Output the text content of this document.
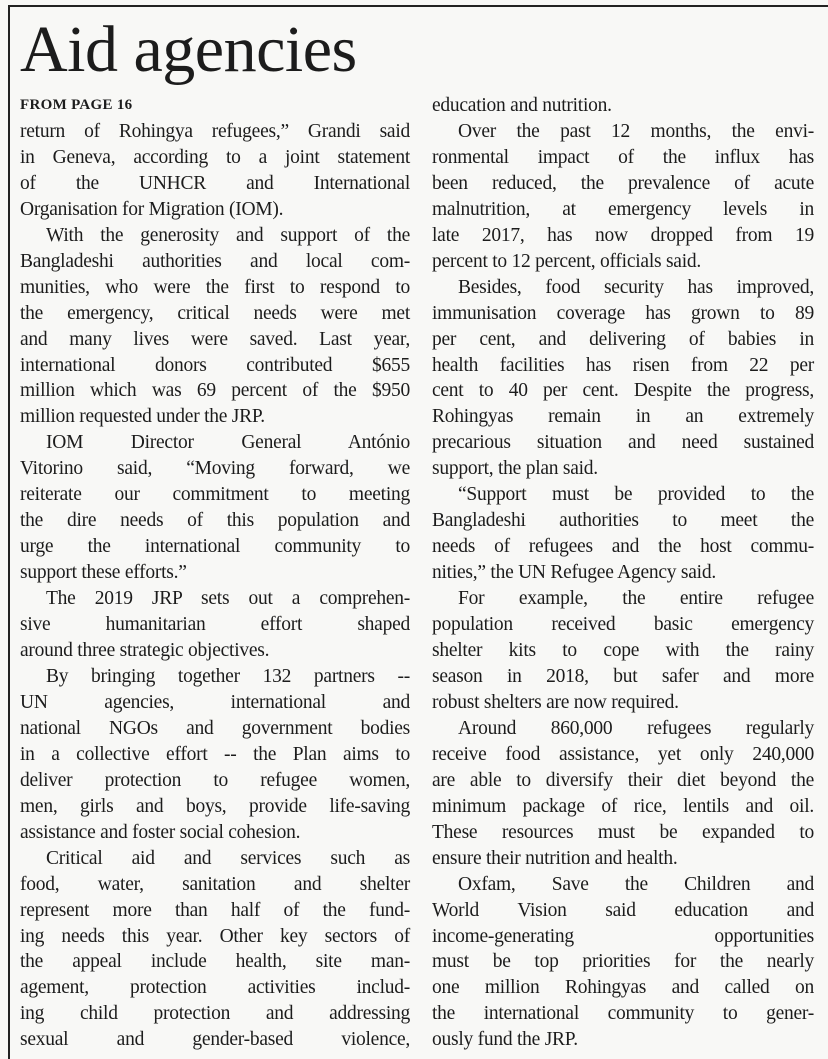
Aid agencies
FROM PAGE 16
return of Rohingya refugees,” Grandi said
in Geneva, according to a joint statement
of the UNHCR and International
Organisation for Migration (IOM).
With the generosity and support of the
Bangladeshi authorities and local com-
munities, who were the first to respond to
the emergency, critical needs were met
and many lives were saved. Last year,
international donors contributed $655
million which was 69 percent of the $950
million requested under the JRP.
IOM Director General António
Vitorino said, “Moving forward, we
reiterate our commitment to meeting
the dire needs of this population and
urge the international community to
support these efforts.”
The 2019 JRP sets out a comprehen-
sive humanitarian effort shaped
around three strategic objectives.
By bringing together 132 partners --
UN agencies, international and
national NGOs and government bodies
in a collective effort -- the Plan aims to
deliver protection to refugee women,
men, girls and boys, provide life-saving
assistance and foster social cohesion.
Critical aid and services such as
food, water, sanitation and shelter
represent more than half of the fund-
ing needs this year. Other key sectors of
the appeal include health, site man-
agement, protection activities includ-
ing child protection and addressing
sexual and gender-based violence,
education and nutrition.
Over the past 12 months, the envi-
ronmental impact of the influx has
been reduced, the prevalence of acute
malnutrition, at emergency levels in
late 2017, has now dropped from 19
percent to 12 percent, officials said.
Besides, food security has improved,
immunisation coverage has grown to 89
per cent, and delivering of babies in
health facilities has risen from 22 per
cent to 40 per cent. Despite the progress,
Rohingyas remain in an extremely
precarious situation and need sustained
support, the plan said.
“Support must be provided to the
Bangladeshi authorities to meet the
needs of refugees and the host commu-
nities,” the UN Refugee Agency said.
For example, the entire refugee
population received basic emergency
shelter kits to cope with the rainy
season in 2018, but safer and more
robust shelters are now required.
Around 860,000 refugees regularly
receive food assistance, yet only 240,000
are able to diversify their diet beyond the
minimum package of rice, lentils and oil.
These resources must be expanded to
ensure their nutrition and health.
Oxfam, Save the Children and
World Vision said education and
income-generating opportunities
must be top priorities for the nearly
one million Rohingyas and called on
the international community to gener-
ously fund the JRP.
